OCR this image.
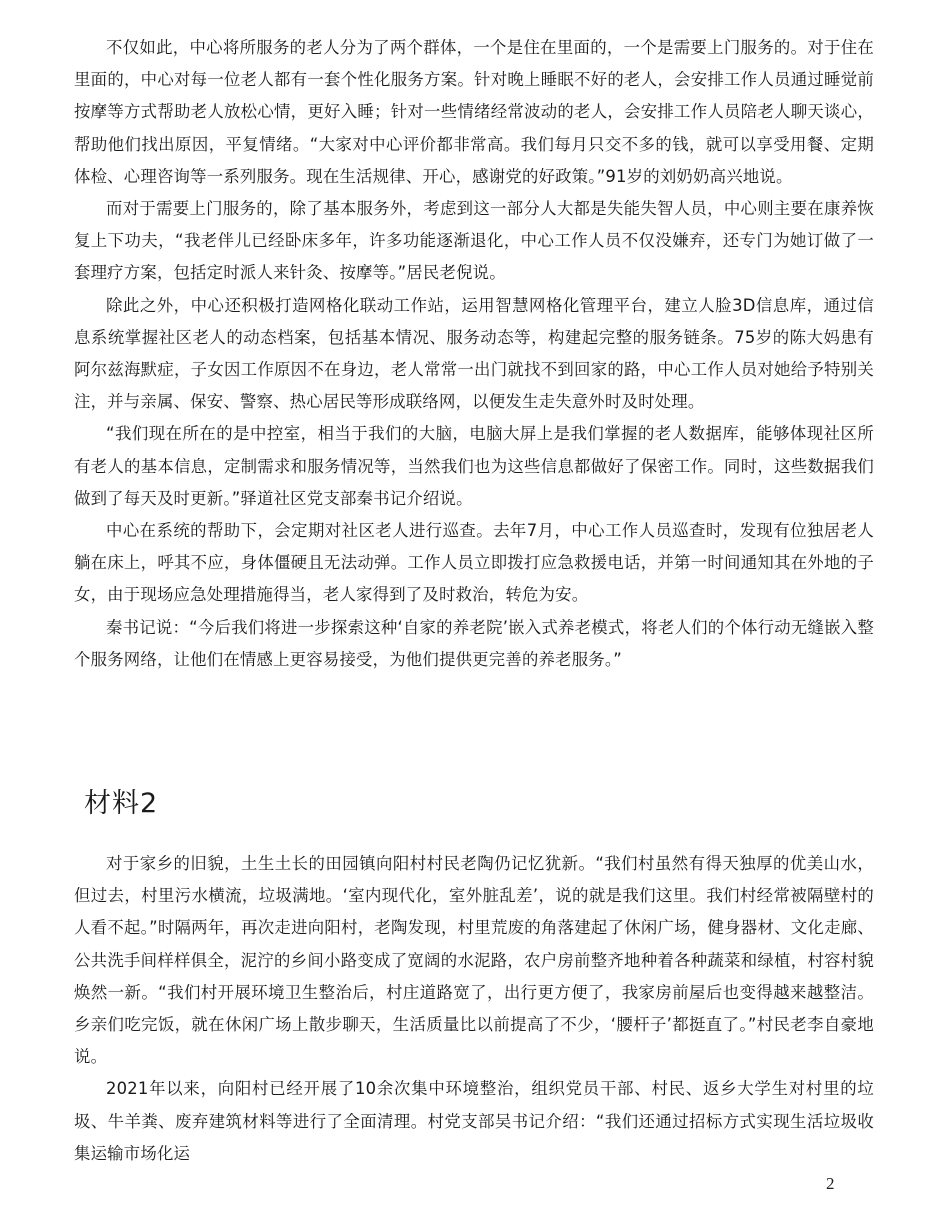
不仅如此，中心将所服务的老人分为了两个群体，一个是住在里面的，一个是需要上门服务的。对于住在里面的，中心对每一位老人都有一套个性化服务方案。针对晚上睡眠不好的老人，会安排工作人员通过睡觉前按摩等方式帮助老人放松心情，更好入睡；针对一些情绪经常波动的老人，会安排工作人员陪老人聊天谈心，帮助他们找出原因，平复情绪。“大家对中心评价都非常高。我们每月只交不多的钱，就可以享受用餐、定期体检、心理咨询等一系列服务。现在生活规律、开心，感谢党的好政策。”91岁的刘奶奶高兴地说。

而对于需要上门服务的，除了基本服务外，考虑到这一部分人大都是失能失智人员，中心则主要在康养恢复上下功夫，“我老伴儿已经卧床多年，许多功能逐渐退化，中心工作人员不仅没嫌弃，还专门为她订做了一套理疗方案，包括定时派人来针灸、按摩等。”居民老倪说。

除此之外，中心还积极打造网格化联动工作站，运用智慧网格化管理平台，建立人脸3D信息库，通过信息系统掌握社区老人的动态档案，包括基本情况、服务动态等，构建起完整的服务链条。75岁的陈大妈患有阿尔兹海默症，子女因工作原因不在身边，老人常常一出门就找不到回家的路，中心工作人员对她给予特别关注，并与亲属、保安、警察、热心居民等形成联络网，以便发生走失意外时及时处理。

“我们现在所在的是中控室，相当于我们的大脑，电脑大屏上是我们掌握的老人数据库，能够体现社区所有老人的基本信息，定制需求和服务情况等，当然我们也为这些信息都做好了保密工作。同时，这些数据我们做到了每天及时更新。”驿道社区党支部秦书记介绍说。

中心在系统的帮助下，会定期对社区老人进行巡查。去年7月，中心工作人员巡查时，发现有位独居老人躺在床上，呼其不应，身体僵硬且无法动弹。工作人员立即拨打应急救援电话，并第一时间通知其在外地的子女，由于现场应急处理措施得当，老人家得到了及时救治，转危为安。

秦书记说：“今后我们将进一步探索这种‘自家的养老院’嵌入式养老模式，将老人们的个体行动无缝嵌入整个服务网络，让他们在情感上更容易接受，为他们提供更完善的养老服务。”

材料2

对于家乡的旧貌，土生土长的田园镇向阳村村民老陶仍记忆犹新。“我们村虽然有得天独厚的优美山水，但过去，村里污水横流，垃圾满地。‘室内现代化，室外脏乱差’，说的就是我们这里。我们村经常被隔壁村的人看不起。”时隔两年，再次走进向阳村，老陶发现，村里荒废的角落建起了休闲广场，健身器材、文化走廊、公共洗手间样样俱全，泥泞的乡间小路变成了宽阔的水泥路，农户房前整齐地种着各种蔬菜和绿植，村容村貌焕然一新。“我们村开展环境卫生整治后，村庄道路宽了，出行更方便了，我家房前屋后也变得越来越整洁。乡亲们吃完饭，就在休闲广场上散步聊天，生活质量比以前提高了不少，‘腰杆子’都挺直了。”村民老李自豪地说。

2021年以来，向阳村已经开展了10余次集中环境整治，组织党员干部、村民、返乡大学生对村里的垃圾、牛羊粪、废弃建筑材料等进行了全面清理。村党支部吴书记介绍：“我们还通过招标方式实现生活垃圾收集运输市场化运

2
